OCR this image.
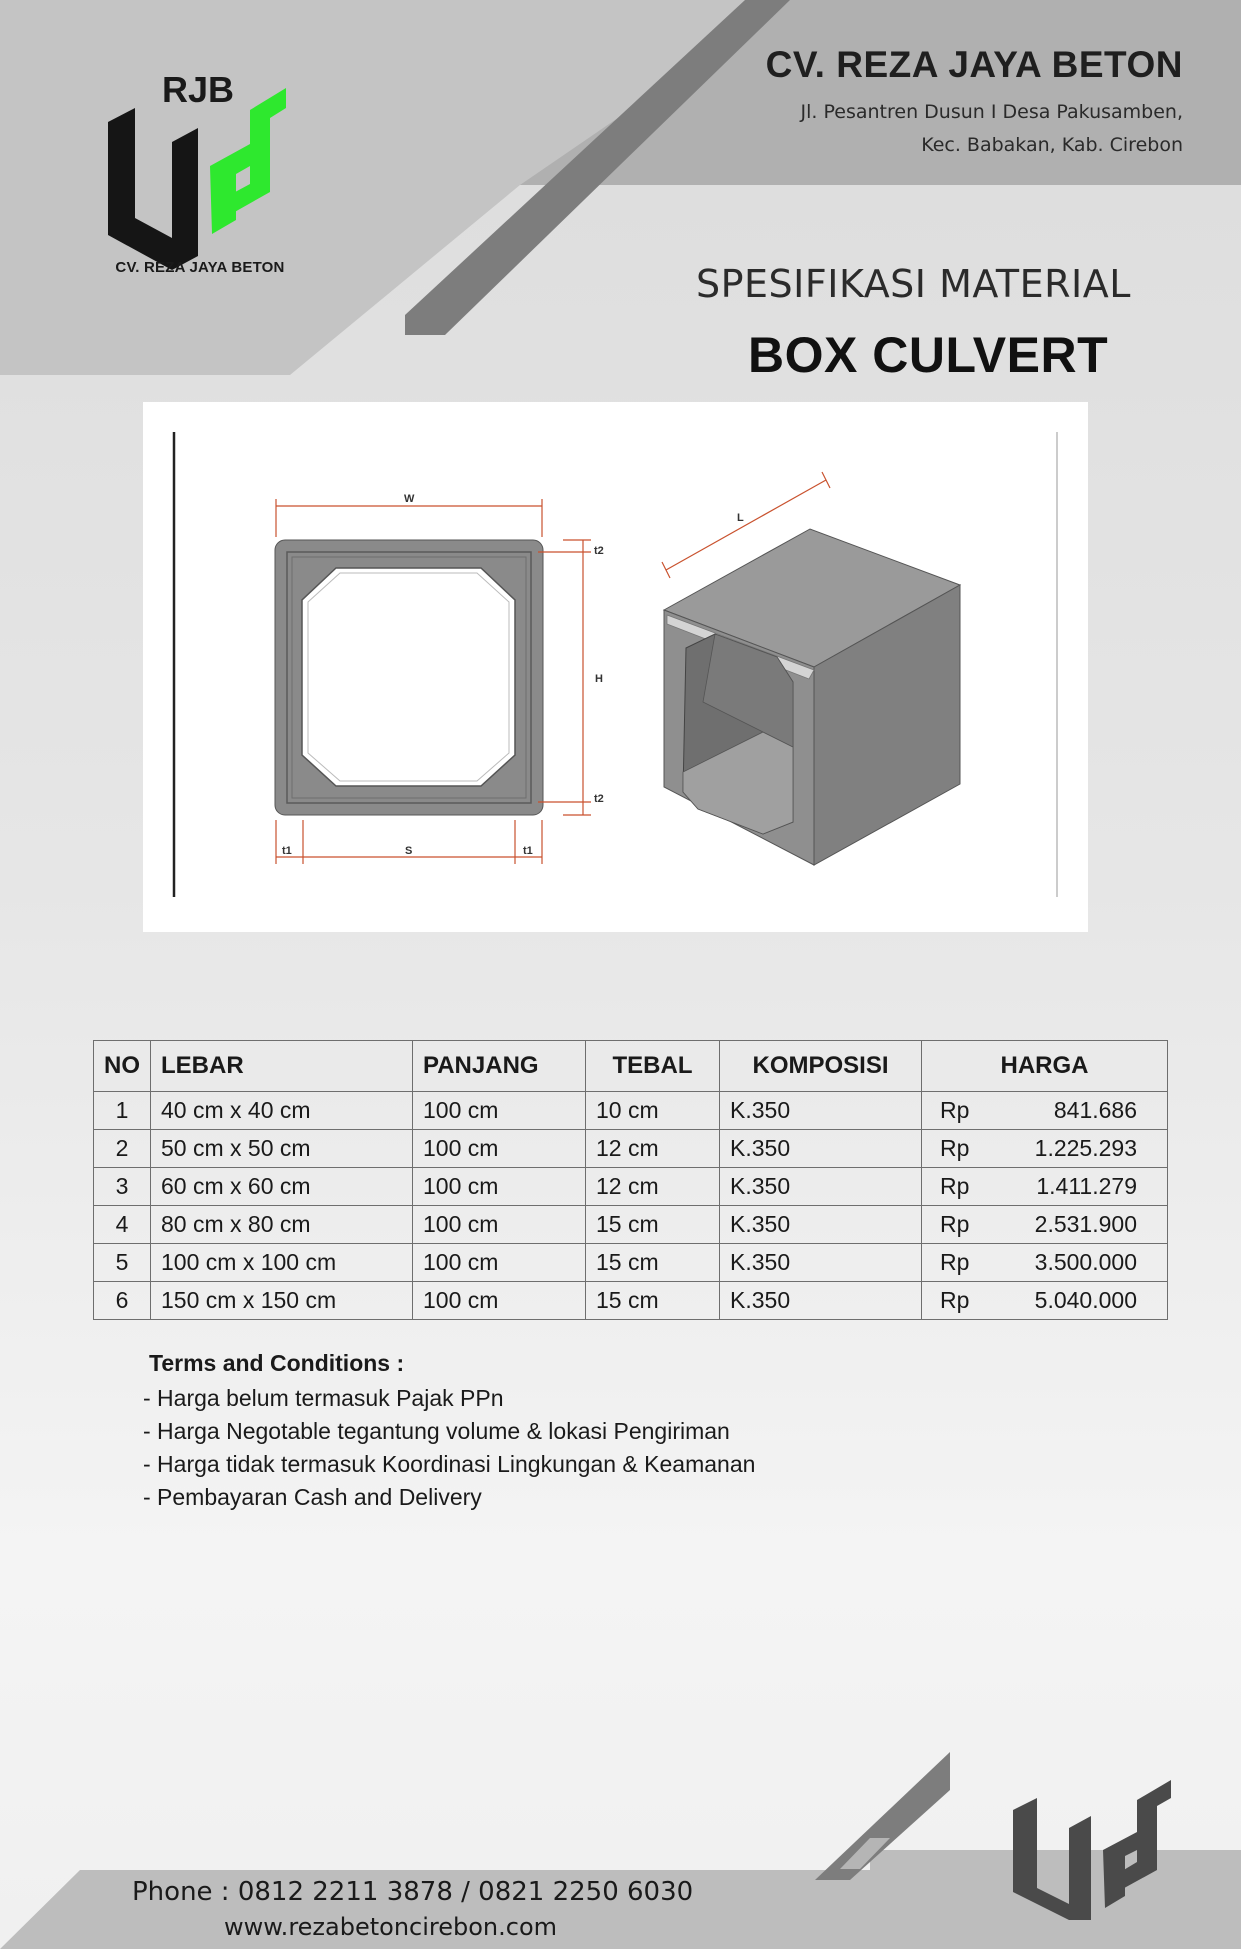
RJB
CV. REZA JAYA BETON
CV. REZA JAYA BETON
Jl. Pesantren Dusun I Desa Pakusamben,
Kec. Babakan, Kab. Cirebon
SPESIFIKASI MATERIAL
BOX CULVERT
W
t2
H
t2
t1	S	t1
L
NO	LEBAR	PANJANG	TEBAL	KOMPOSISI	HARGA
1	40 cm x 40 cm	100 cm	10 cm	K.350	Rp 841.686

2	50 cm x 50 cm	100 cm	12 cm	K.350	Rp 1.225.293

3	60 cm x 60 cm	100 cm	12 cm	K.350	Rp 1.411.279

4	80 cm x 80 cm	100 cm	15 cm	K.350	Rp 2.531.900

5	100 cm x 100 cm	100 cm	15 cm	K.350	Rp 3.500.000

6	150 cm x 150 cm	100 cm	15 cm	K.350	Rp 5.040.000
Terms and Conditions :
- Harga belum termasuk Pajak PPn
- Harga Negotable tegantung volume & lokasi Pengiriman
- Harga tidak termasuk Koordinasi Lingkungan & Keamanan
- Pembayaran Cash and Delivery
Phone : 0812 2211 3878 / 0821 2250 6030
www.rezabetoncirebon.com
